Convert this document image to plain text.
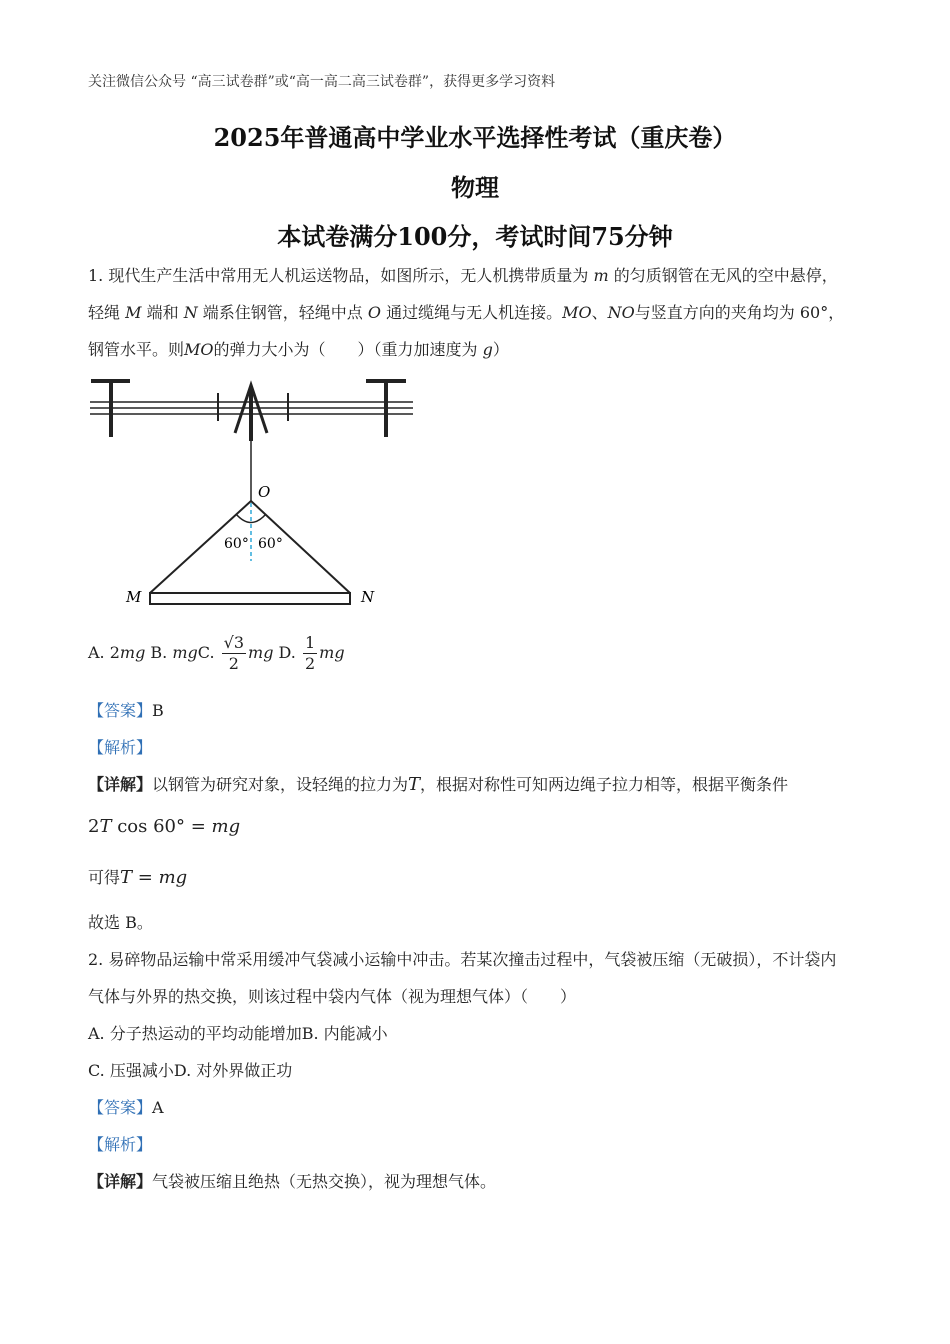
关注微信公众号 “高三试卷群”或“高一高二高三试卷群”，获得更多学习资料
2025年普通高中学业水平选择性考试（重庆卷）
物理
本试卷满分100分，考试时间75分钟
1. 现代生产生活中常用无人机运送物品，如图所示，无人机携带质量为 m 的匀质钢管在无风的空中悬停，
轻绳 M 端和 N 端系住钢管，轻绳中点 O 通过缆绳与无人机连接。MO、NO与竖直方向的夹角均为 60°，
钢管水平。则MO的弹力大小为（　　）（重力加速度为 g）
O
60° 60°
M	N
A. 2mg B. mgC. $\frac{√3}{2}$ mg D. $\frac{1}{2}$ mg
【答案】B
【解析】
【详解】以钢管为研究对象，设轻绳的拉力为T，根据对称性可知两边绳子拉力相等，根据平衡条件
2T cos 60° = mg
可得T = mg
故选 B。
2. 易碎物品运输中常采用缓冲气袋减小运输中冲击。若某次撞击过程中，气袋被压缩（无破损），不计袋内
气体与外界的热交换，则该过程中袋内气体（视为理想气体）（　　）
A. 分子热运动的平均动能增加B. 内能减小
C. 压强减小D. 对外界做正功
【答案】A
【解析】
【详解】气袋被压缩且绝热（无热交换），视为理想气体。
